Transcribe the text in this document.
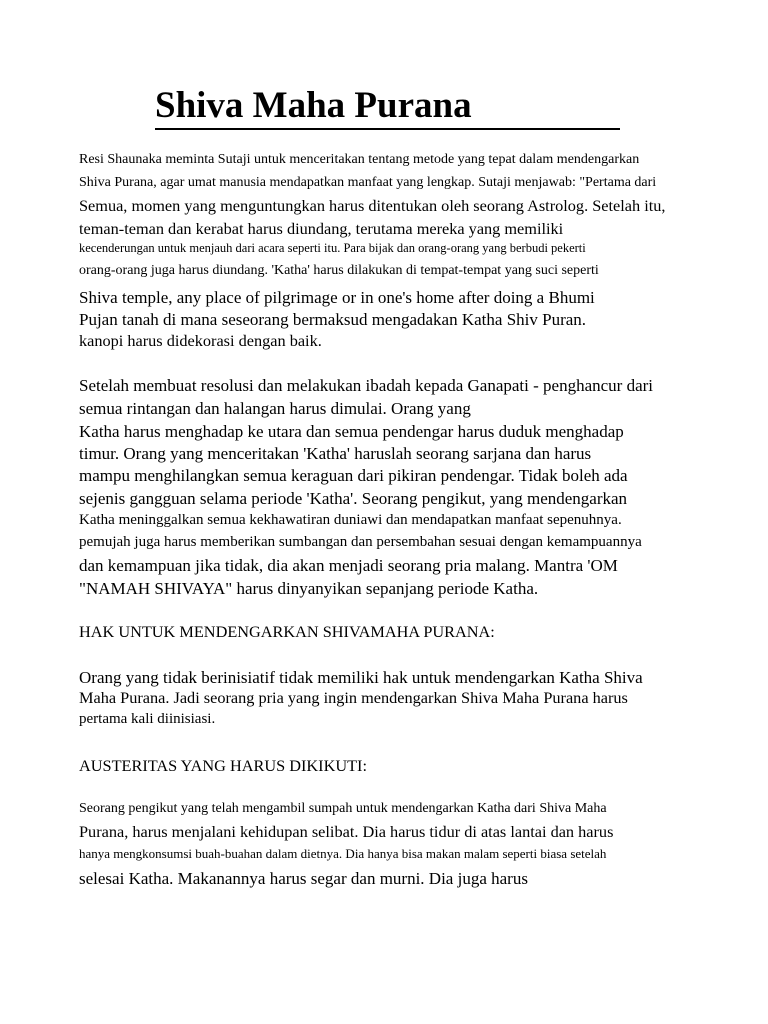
Shiva Maha Purana

Resi Shaunaka meminta Sutaji untuk menceritakan tentang metode yang tepat dalam mendengarkan

Shiva Purana, agar umat manusia mendapatkan manfaat yang lengkap. Sutaji menjawab: "Pertama dari

Semua, momen yang menguntungkan harus ditentukan oleh seorang Astrolog. Setelah itu,

teman-teman dan kerabat harus diundang, terutama mereka yang memiliki

kecenderungan untuk menjauh dari acara seperti itu. Para bijak dan orang-orang yang berbudi pekerti

orang-orang juga harus diundang. 'Katha' harus dilakukan di tempat-tempat yang suci seperti

Shiva temple, any place of pilgrimage or in one's home after doing a Bhumi

Pujan tanah di mana seseorang bermaksud mengadakan Katha Shiv Puran.

kanopi harus didekorasi dengan baik.

Setelah membuat resolusi dan melakukan ibadah kepada Ganapati - penghancur dari

semua rintangan dan halangan harus dimulai. Orang yang

Katha harus menghadap ke utara dan semua pendengar harus duduk menghadap

timur. Orang yang menceritakan 'Katha' haruslah seorang sarjana dan harus

mampu menghilangkan semua keraguan dari pikiran pendengar. Tidak boleh ada

sejenis gangguan selama periode 'Katha'. Seorang pengikut, yang mendengarkan

Katha meninggalkan semua kekhawatiran duniawi dan mendapatkan manfaat sepenuhnya.

pemujah juga harus memberikan sumbangan dan persembahan sesuai dengan kemampuannya

dan kemampuan jika tidak, dia akan menjadi seorang pria malang. Mantra 'OM

"NAMAH SHIVAYA" harus dinyanyikan sepanjang periode Katha.

HAK UNTUK MENDENGARKAN SHIVAMAHA PURANA:

Orang yang tidak berinisiatif tidak memiliki hak untuk mendengarkan Katha Shiva

Maha Purana. Jadi seorang pria yang ingin mendengarkan Shiva Maha Purana harus

pertama kali diinisiasi.

AUSTERITAS YANG HARUS DIKIKUTI:

Seorang pengikut yang telah mengambil sumpah untuk mendengarkan Katha dari Shiva Maha

Purana, harus menjalani kehidupan selibat. Dia harus tidur di atas lantai dan harus

hanya mengkonsumsi buah-buahan dalam dietnya. Dia hanya bisa makan malam seperti biasa setelah

selesai Katha. Makanannya harus segar dan murni. Dia juga harus
